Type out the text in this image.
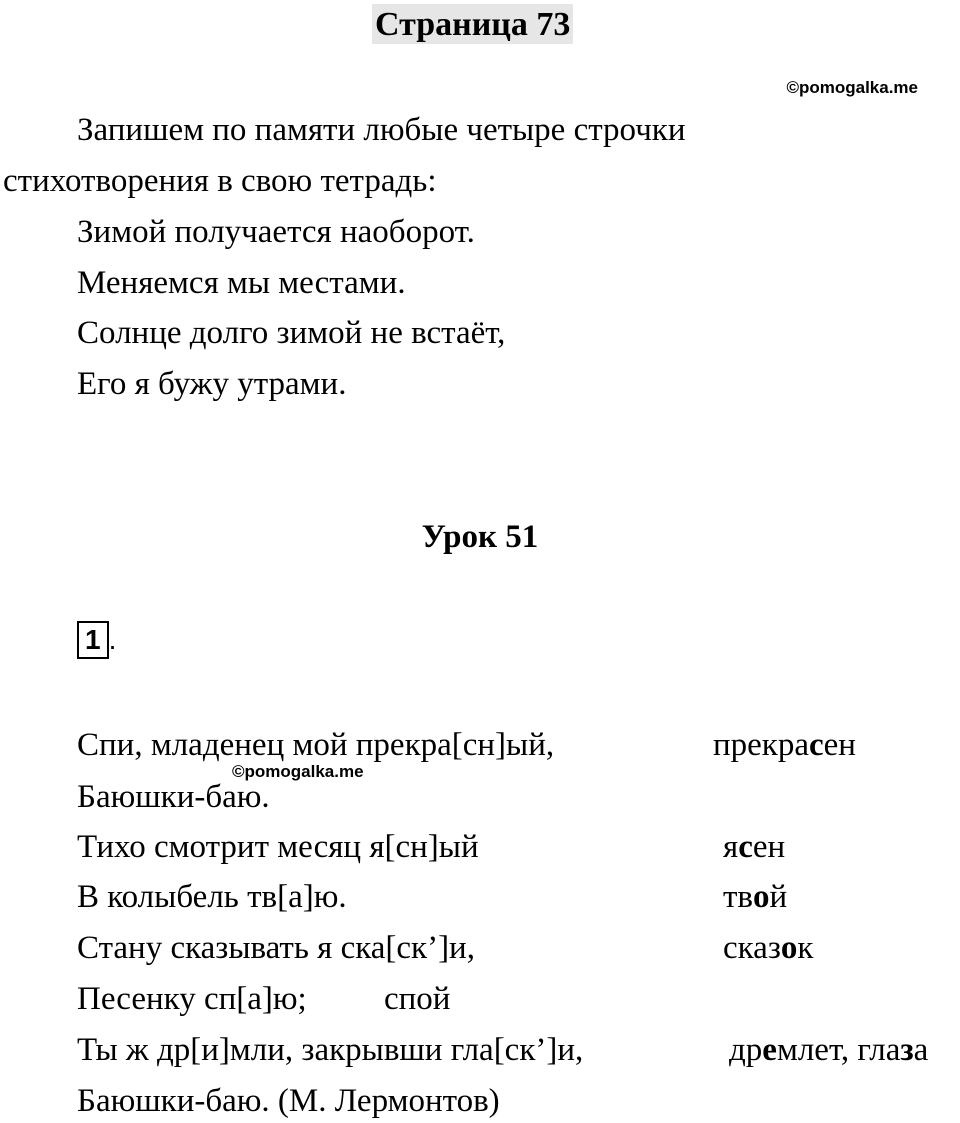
Страница 73
©pomogalka.me
Запишем по памяти любые четыре строчки
стихотворения в свою тетрадь:
Зимой получается наоборот.
Меняемся мы местами.
Солнце долго зимой не встаёт,
Его я бужу утрами.
Урок 51
1 .
Спи, младенец мой прекра[сн]ый,	прекрасен
©pomogalka.me
Баюшки-баю.
Тихо смотрит месяц я[сн]ый	ясен
В колыбель тв[а]ю.	твой
Стану сказывать я ска[ск’]и,	сказок
Песенку сп[а]ю; спой
Ты ж др[и]мли, закрывши гла[ск’]и,	дремлет, глаза
Баюшки-баю. (М. Лермонтов)
